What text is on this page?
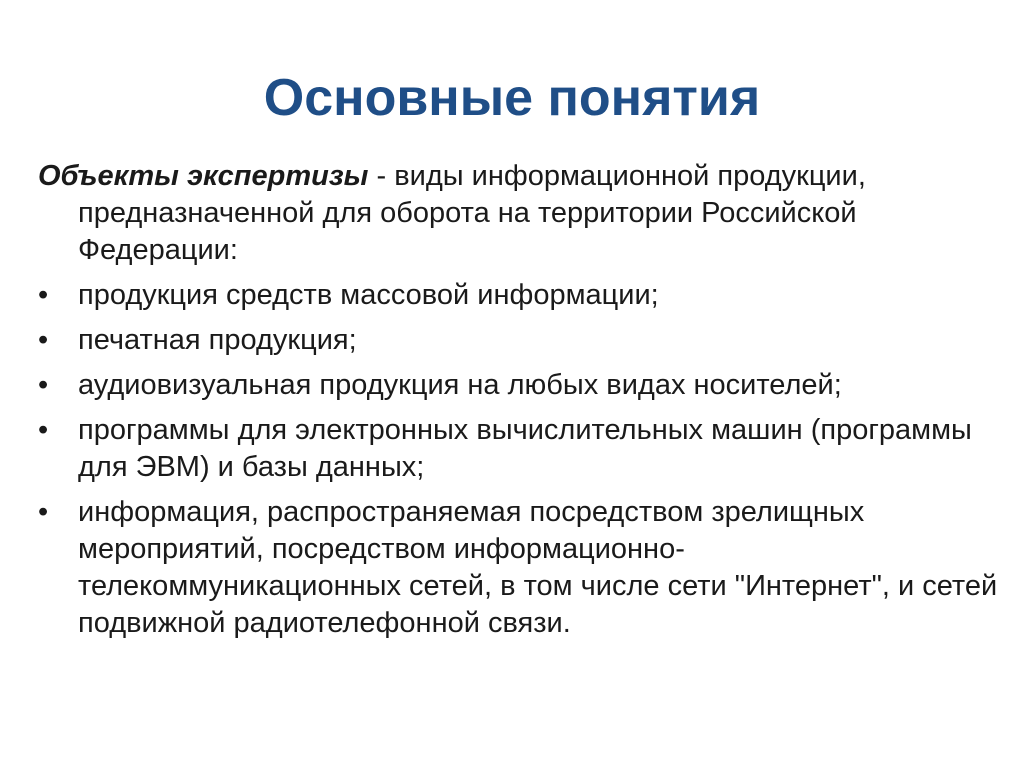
Основные понятия

Объекты экспертизы - виды информационной продукции, предназначенной для оборота на территории Российской Федерации:

•	продукция средств массовой информации;
•	печатная продукция;
•	аудиовизуальная продукция на любых видах носителей;
•	программы для электронных вычислительных машин (программы для ЭВМ) и базы данных;
•	информация, распространяемая посредством зрелищных мероприятий, посредством информационно-телекоммуникационных сетей, в том числе сети "Интернет", и сетей подвижной радиотелефонной связи.
